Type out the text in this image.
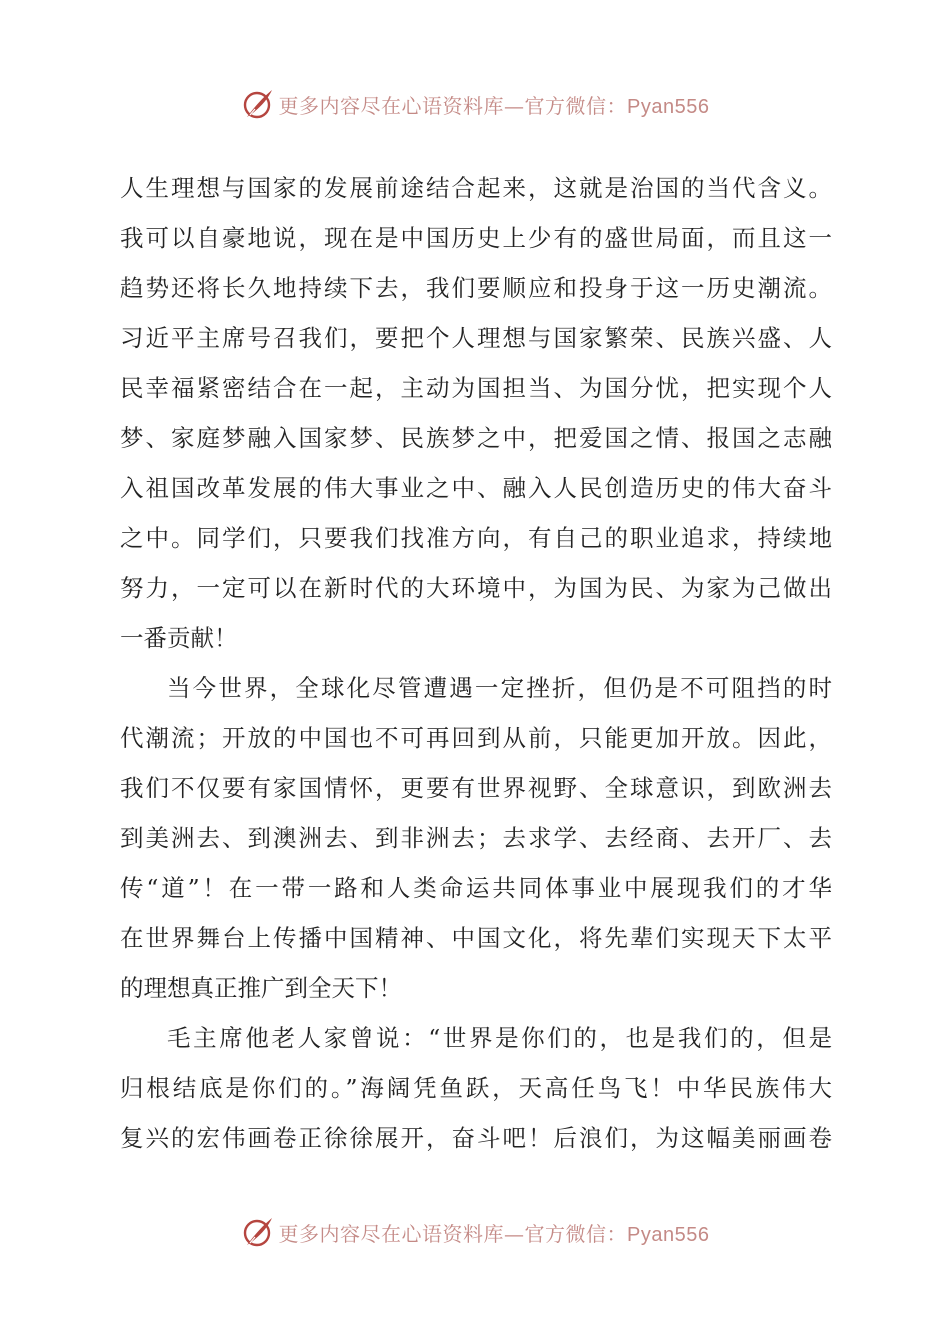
更多内容尽在心语资料库—官方微信：Pyan556
人生理想与国家的发展前途结合起来，这就是治国的当代含义。
我可以自豪地说，现在是中国历史上少有的盛世局面，而且这一
趋势还将长久地持续下去，我们要顺应和投身于这一历史潮流。
习近平主席号召我们，要把个人理想与国家繁荣、民族兴盛、人
民幸福紧密结合在一起，主动为国担当、为国分忧，把实现个人
梦、家庭梦融入国家梦、民族梦之中，把爱国之情、报国之志融
入祖国改革发展的伟大事业之中、融入人民创造历史的伟大奋斗
之中。同学们，只要我们找准方向，有自己的职业追求，持续地
努力，一定可以在新时代的大环境中，为国为民、为家为己做出
一番贡献！
当今世界，全球化尽管遭遇一定挫折，但仍是不可阻挡的时
代潮流；开放的中国也不可再回到从前，只能更加开放。因此，
我们不仅要有家国情怀，更要有世界视野、全球意识，到欧洲去
到美洲去、到澳洲去、到非洲去；去求学、去经商、去开厂、去
传“道”！在一带一路和人类命运共同体事业中展现我们的才华
在世界舞台上传播中国精神、中国文化，将先辈们实现天下太平
的理想真正推广到全天下！
毛主席他老人家曾说：“世界是你们的，也是我们的，但是
归根结底是你们的。”海阔凭鱼跃，天高任鸟飞！中华民族伟大
复兴的宏伟画卷正徐徐展开，奋斗吧！后浪们，为这幅美丽画卷
更多内容尽在心语资料库—官方微信：Pyan556
